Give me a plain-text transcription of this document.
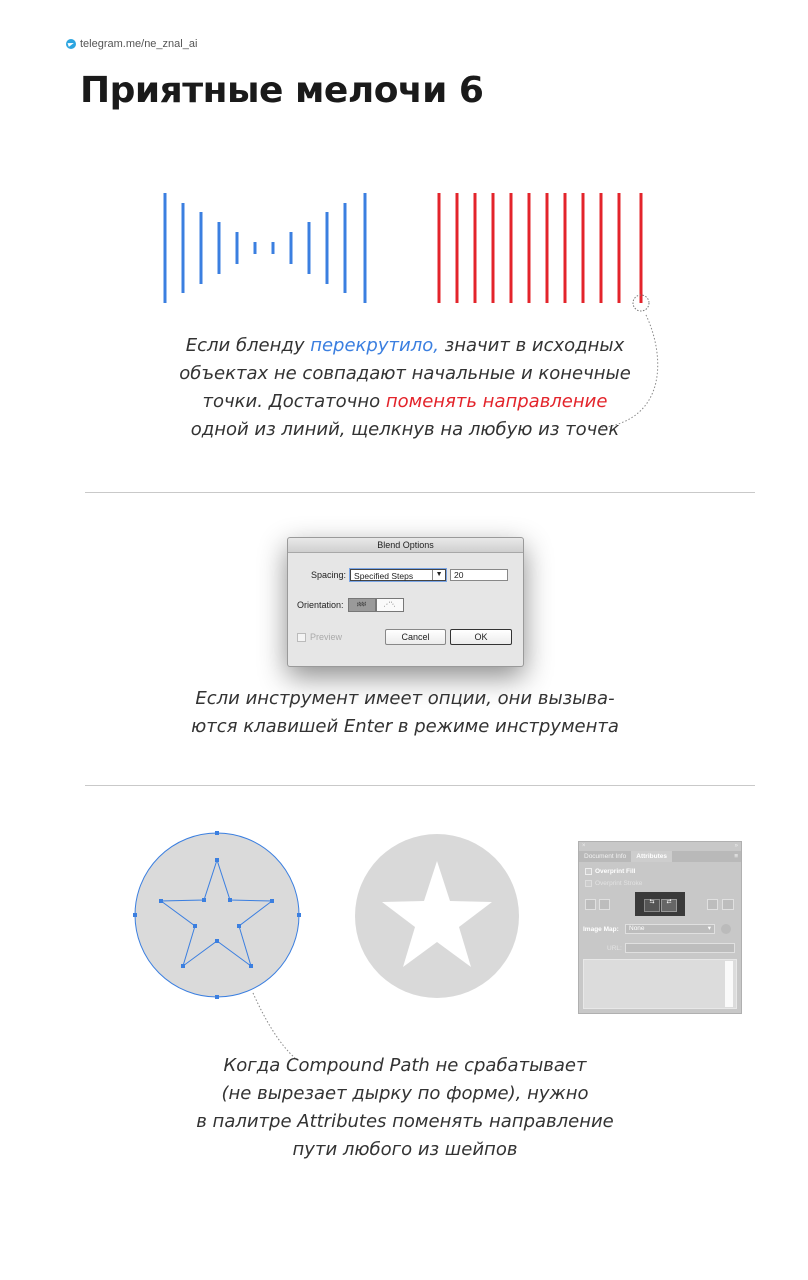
telegram.me/ne_znal_ai
Приятные мелочи 6
Если бленду перекрутило, значит в исходных
объектах не совпадают начальные и конечные
точки. Достаточно поменять направление
одной из линий, щелкнув на любую из точек
Blend Options
Spacing: Specified Steps	▼	20
Orientation:	♯♯♯	⋰⋱
Preview	Cancel	OK
Если инструмент имеет опции, они вызыва-
ются клавишей Enter в режиме инструмента
×	»
Document Info	Attributes	≡
Overprint Fill
Overprint Stroke
⇆	⇄
Image Map:	None	▾
URL:
Когда Compound Path не срабатывает
(не вырезает дырку по форме), нужно
в палитре Attributes поменять направление
пути любого из шейпов
